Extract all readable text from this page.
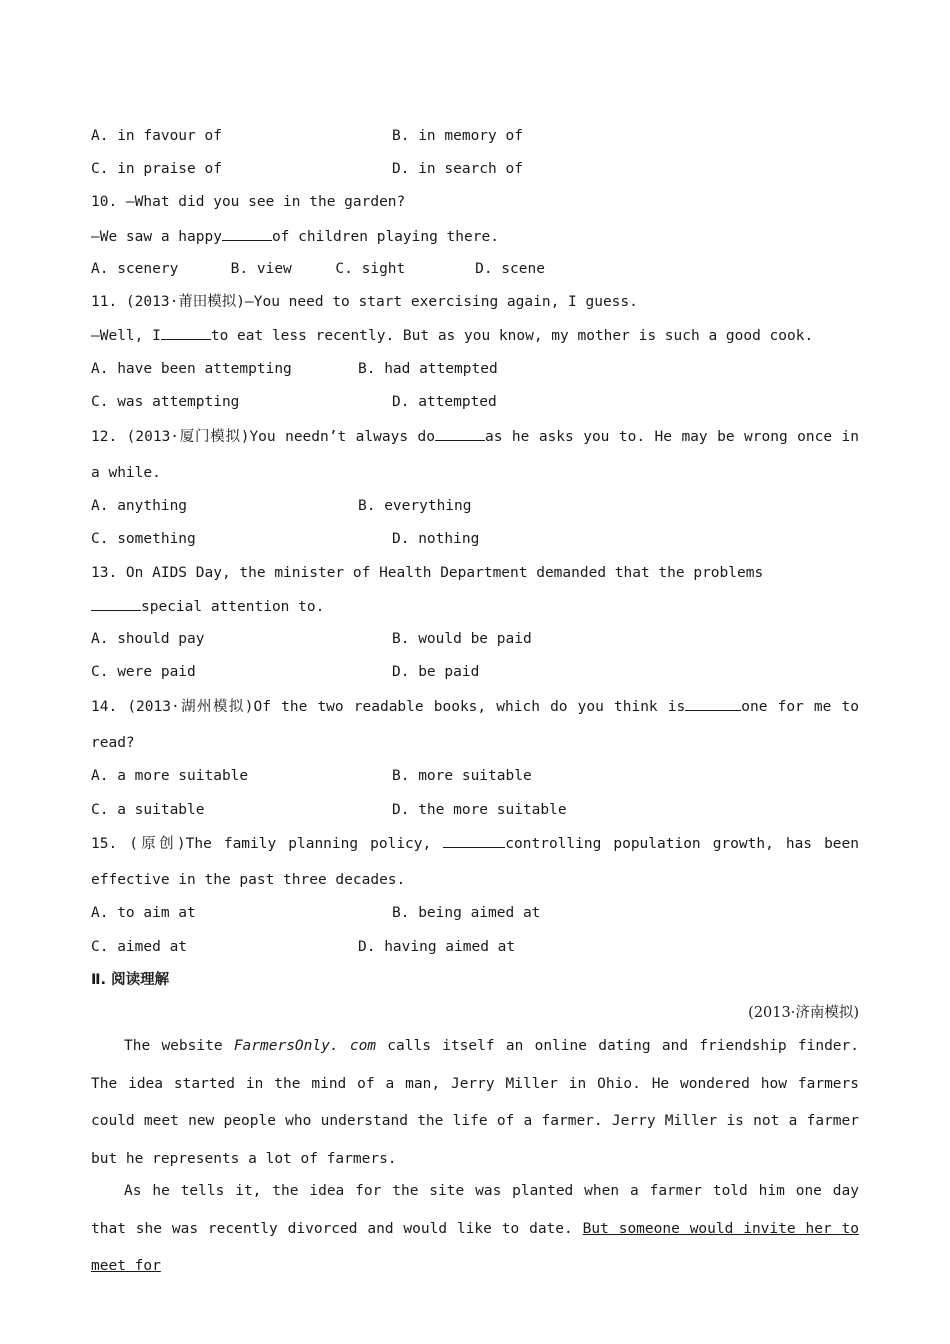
A. in favour of	B. in memory of
C. in praise of	D. in search of
10. —What did you see in the garden?
—We saw a happy	of children playing there.
A. scenery      B. view     C. sight        D. scene
11. (2013·莆田模拟)—You need to start exercising again, I guess.
—Well, I	to eat less recently. But as you know, my mother is such a good cook.
A. have been attempting	B. had attempted
C. was attempting	D. attempted
12. (2013·厦门模拟)You needn’t always do	as he asks you to. He may be wrong once in
a while.
A. anything	B. everything
C. something	D. nothing
13. On AIDS Day, the minister of Health Department demanded that the problems
special attention to.
A. should pay	B. would be paid
C. were paid	D. be paid
14. (2013·湖州模拟)Of the two readable books, which do you think is	one for me to
read?
A. a more suitable	B. more suitable
C. a suitable	D. the more suitable
15. (原创)The family planning policy,	controlling population growth, has been
effective in the past three decades.
A. to aim at	B. being aimed at
C. aimed at	D. having aimed at
Ⅱ. 阅读理解
(2013·济南模拟)
The website FarmersOnly. com calls itself an online dating and friendship finder. The idea started in the mind of a man, Jerry Miller in Ohio. He wondered how farmers could meet new people who understand the life of a farmer. Jerry Miller is not a farmer but he represents a lot of farmers.
As he tells it, the idea for the site was planted when a farmer told him one day that she was recently divorced and would like to date. But someone would invite her to meet for
